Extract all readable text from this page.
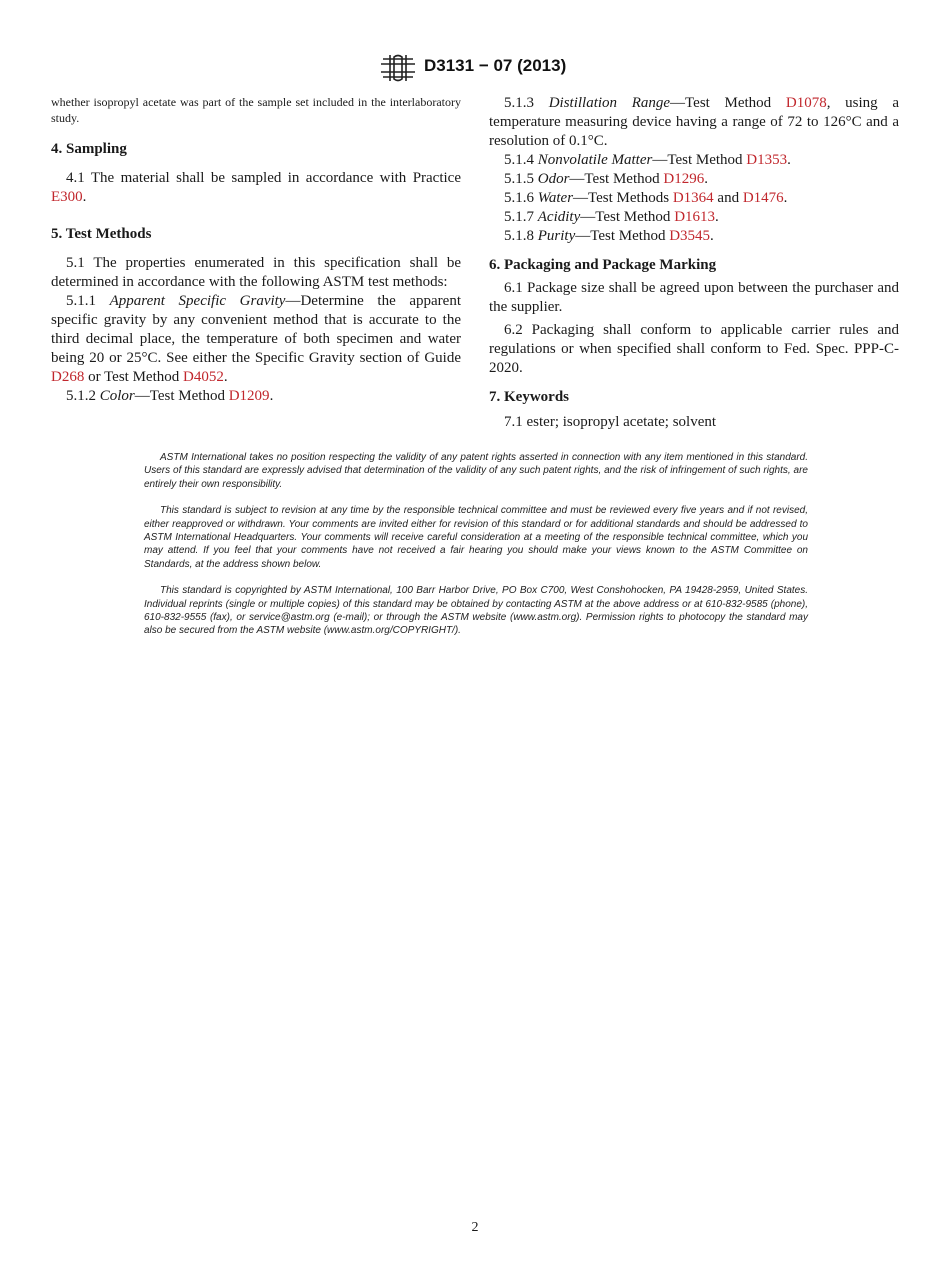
D3131 − 07 (2013)

whether isopropyl acetate was part of the sample set included in the interlaboratory study.

4. Sampling

4.1 The material shall be sampled in accordance with Practice E300.

5. Test Methods

5.1 The properties enumerated in this specification shall be determined in accordance with the following ASTM test methods:

5.1.1 Apparent Specific Gravity—Determine the apparent specific gravity by any convenient method that is accurate to the third decimal place, the temperature of both specimen and water being 20 or 25°C. See either the Specific Gravity section of Guide D268 or Test Method D4052.

5.1.2 Color—Test Method D1209.

5.1.3 Distillation Range—Test Method D1078, using a temperature measuring device having a range of 72 to 126°C and a resolution of 0.1°C.

5.1.4 Nonvolatile Matter—Test Method D1353.

5.1.5 Odor—Test Method D1296.

5.1.6 Water—Test Methods D1364 and D1476.

5.1.7 Acidity—Test Method D1613.

5.1.8 Purity—Test Method D3545.

6. Packaging and Package Marking

6.1 Package size shall be agreed upon between the purchaser and the supplier.

6.2 Packaging shall conform to applicable carrier rules and regulations or when specified shall conform to Fed. Spec. PPP-C-2020.

7. Keywords

7.1 ester; isopropyl acetate; solvent

ASTM International takes no position respecting the validity of any patent rights asserted in connection with any item mentioned in this standard. Users of this standard are expressly advised that determination of the validity of any such patent rights, and the risk of infringement of such rights, are entirely their own responsibility.

This standard is subject to revision at any time by the responsible technical committee and must be reviewed every five years and if not revised, either reapproved or withdrawn. Your comments are invited either for revision of this standard or for additional standards and should be addressed to ASTM International Headquarters. Your comments will receive careful consideration at a meeting of the responsible technical committee, which you may attend. If you feel that your comments have not received a fair hearing you should make your views known to the ASTM Committee on Standards, at the address shown below.

This standard is copyrighted by ASTM International, 100 Barr Harbor Drive, PO Box C700, West Conshohocken, PA 19428-2959, United States. Individual reprints (single or multiple copies) of this standard may be obtained by contacting ASTM at the above address or at 610-832-9585 (phone), 610-832-9555 (fax), or service@astm.org (e-mail); or through the ASTM website (www.astm.org). Permission rights to photocopy the standard may also be secured from the ASTM website (www.astm.org/COPYRIGHT/).

2
